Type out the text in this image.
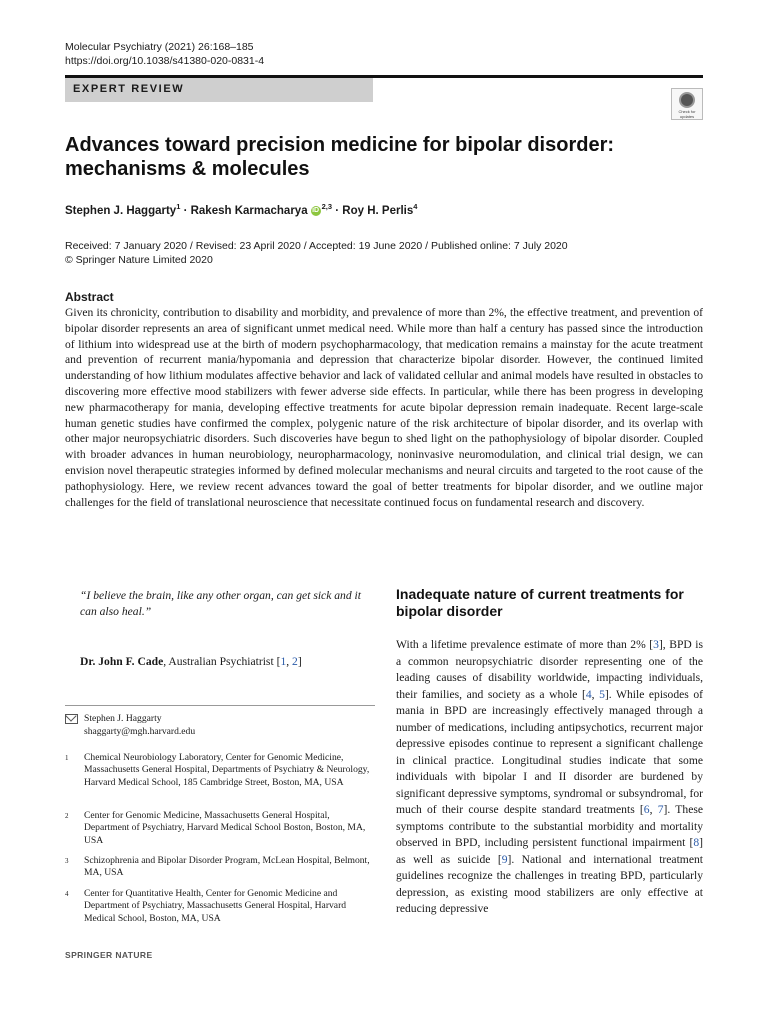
Molecular Psychiatry (2021) 26:168–185
https://doi.org/10.1038/s41380-020-0831-4
EXPERT REVIEW
Check for updates
Advances toward precision medicine for bipolar disorder: mechanisms & molecules
Stephen J. Haggarty$^1$ · Rakesh Karmacharya iD $^{2,3}$ · Roy H. Perlis$^4$
Received: 7 January 2020 / Revised: 23 April 2020 / Accepted: 19 June 2020 / Published online: 7 July 2020
© Springer Nature Limited 2020
Abstract
Given its chronicity, contribution to disability and morbidity, and prevalence of more than 2%, the effective treatment, and prevention of bipolar disorder represents an area of significant unmet medical need. While more than half a century has passed since the introduction of lithium into widespread use at the birth of modern psychopharmacology, that medication remains a mainstay for the acute treatment and prevention of recurrent mania/hypomania and depression that characterize bipolar disorder. However, the continued limited understanding of how lithium modulates affective behavior and lack of validated cellular and animal models have resulted in obstacles to discovering more effective mood stabilizers with fewer adverse side effects. In particular, while there has been progress in developing new pharmacotherapy for mania, developing effective treatments for acute bipolar depression remain inadequate. Recent large-scale human genetic studies have confirmed the complex, polygenic nature of the risk architecture of bipolar disorder, and its overlap with other major neuropsychiatric disorders. Such discoveries have begun to shed light on the pathophysiology of bipolar disorder. Coupled with broader advances in human neurobiology, neuropharmacology, noninvasive neuromodulation, and clinical trial design, we can envision novel therapeutic strategies informed by defined molecular mechanisms and neural circuits and targeted to the root cause of the pathophysiology. Here, we review recent advances toward the goal of better treatments for bipolar disorder, and we outline major challenges for the field of translational neuroscience that necessitate continued focus on fundamental research and discovery.
“I believe the brain, like any other organ, can get sick and it can also heal.”
Dr. John F. Cade, Australian Psychiatrist [1, 2]
Stephen J. Haggarty
shaggarty@mgh.harvard.edu
1 Chemical Neurobiology Laboratory, Center for Genomic Medicine, Massachusetts General Hospital, Departments of Psychiatry & Neurology, Harvard Medical School, 185 Cambridge Street, Boston, MA, USA
2 Center for Genomic Medicine, Massachusetts General Hospital, Department of Psychiatry, Harvard Medical School Boston, Boston, MA, USA
3 Schizophrenia and Bipolar Disorder Program, McLean Hospital, Belmont, MA, USA
4 Center for Quantitative Health, Center for Genomic Medicine and Department of Psychiatry, Massachusetts General Hospital, Harvard Medical School, Boston, MA, USA
SPRINGER NATURE
Inadequate nature of current treatments for bipolar disorder
With a lifetime prevalence estimate of more than 2% [3], BPD is a common neuropsychiatric disorder representing one of the leading causes of disability worldwide, impacting individuals, their families, and society as a whole [4, 5]. While episodes of mania in BPD are increasingly effectively managed through a number of medications, including antipsychotics, recurrent major depressive episodes continue to represent a significant challenge in clinical practice. Longitudinal studies indicate that some individuals with bipolar I and II disorder are burdened by significant depressive symptoms, syndromal or subsyndromal, for much of their course despite standard treatments [6, 7]. These symptoms contribute to the substantial morbidity and mortality observed in BPD, including persistent functional impairment [8] as well as suicide [9]. National and international treatment guidelines recognize the challenges in treating BPD, particularly depression, as existing mood stabilizers are only effective at reducing depressive
